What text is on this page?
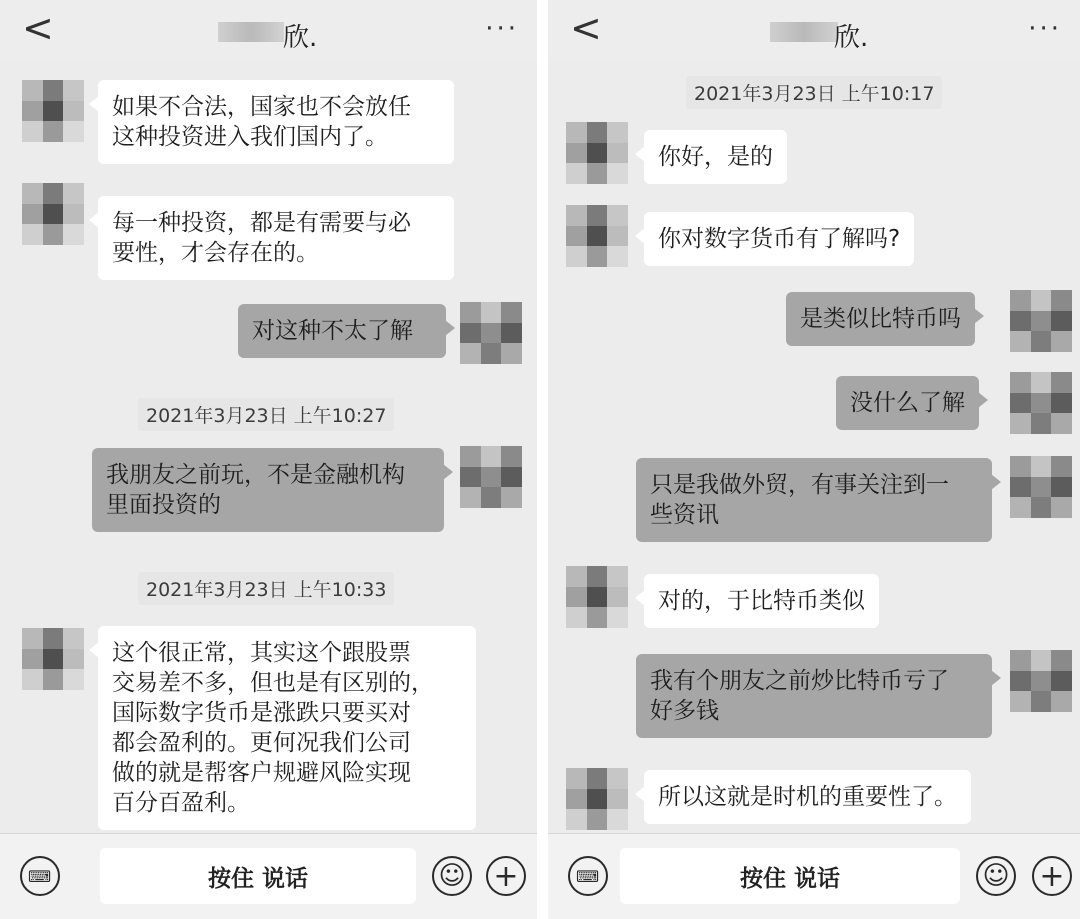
<	欣.	···
如果不合法，国家也不会放任
这种投资进入我们国内了。
每一种投资，都是有需要与必
要性，才会存在的。
对这种不太了解
2021年3月23日 上午10:27
我朋友之前玩，不是金融机构
里面投资的
2021年3月23日 上午10:33
这个很正常，其实这个跟股票
交易差不多，但也是有区别的，
国际数字货币是涨跌只要买对
都会盈利的。更何况我们公司
做的就是帮客户规避风险实现
百分百盈利。
⌨	按住 说话	☺ +
<	欣.	···
2021年3月23日 上午10:17
你好，是的
你对数字货币有了解吗?
是类似比特币吗
没什么了解
只是我做外贸，有事关注到一
些资讯
对的，于比特币类似
我有个朋友之前炒比特币亏了
好多钱
所以这就是时机的重要性了。
⌨	按住 说话	☺ +
